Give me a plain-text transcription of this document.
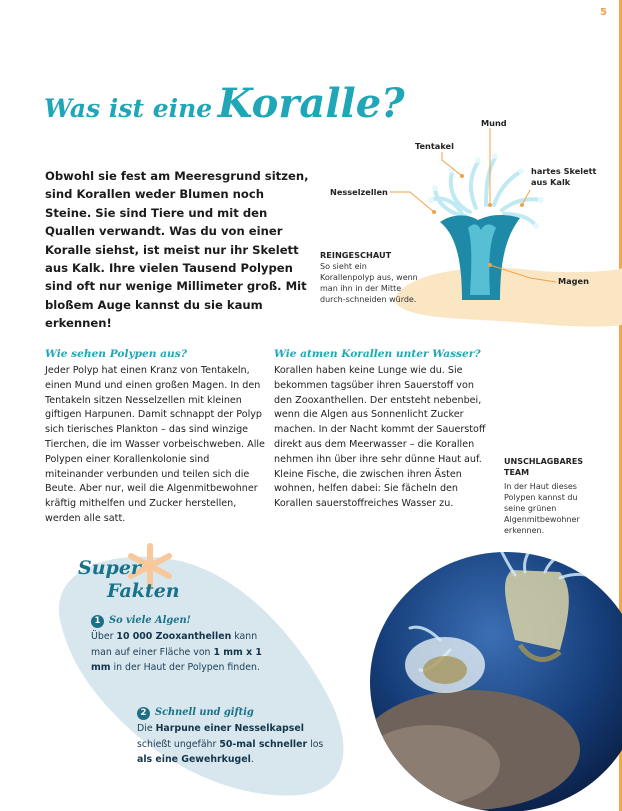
5
Was ist eine Koralle?
Obwohl sie fest am Meeresgrund sitzen, sind Korallen weder Blumen noch Steine. Sie sind Tiere und mit den Quallen verwandt. Was du von einer Koralle siehst, ist meist nur ihr Skelett aus Kalk. Ihre vielen Tausend Polypen sind oft nur wenige Millimeter groß. Mit bloßem Auge kannst du sie kaum erkennen!
Mund
Tentakel
hartes Skelett
aus Kalk
Nesselzellen
Magen
REINGESCHAUT
So sieht ein Korallenpolyp aus, wenn man ihn in der Mitte durch-schneiden würde.
Wie sehen Polypen aus?
Jeder Polyp hat einen Kranz von Tentakeln, einen Mund und einen großen Magen. In den Tentakeln sitzen Nesselzellen mit kleinen giftigen Harpunen. Damit schnappt der Polyp sich tierisches Plankton – das sind winzige Tierchen, die im Wasser vorbeischweben. Alle Polypen einer Korallenkolonie sind miteinander verbunden und teilen sich die Beute. Aber nur, weil die Algenmitbewohner kräftig mithelfen und Zucker herstellen, werden alle satt.
Wie atmen Korallen unter Wasser?
Korallen haben keine Lunge wie du. Sie bekommen tagsüber ihren Sauerstoff von den Zooxanthellen. Der entsteht nebenbei, wenn die Algen aus Sonnenlicht Zucker machen. In der Nacht kommt der Sauerstoff direkt aus dem Meerwasser – die Korallen nehmen ihn über ihre sehr dünne Haut auf. Kleine Fische, die zwischen ihren Ästen wohnen, helfen dabei: Sie fächeln den Korallen sauerstoffreiches Wasser zu.
UNSCHLAGBARES
TEAM
In der Haut dieses Polypen kannst du seine grünen Algenmitbewohner erkennen.
Super
Fakten
1 So viele Algen!
Über 10 000 Zooxanthellen kann man auf einer Fläche von 1 mm x 1 mm in der Haut der Polypen finden.
2 Schnell und giftig
Die Harpune einer Nesselkapsel schießt ungefähr 50-mal schneller los als eine Gewehrkugel.
